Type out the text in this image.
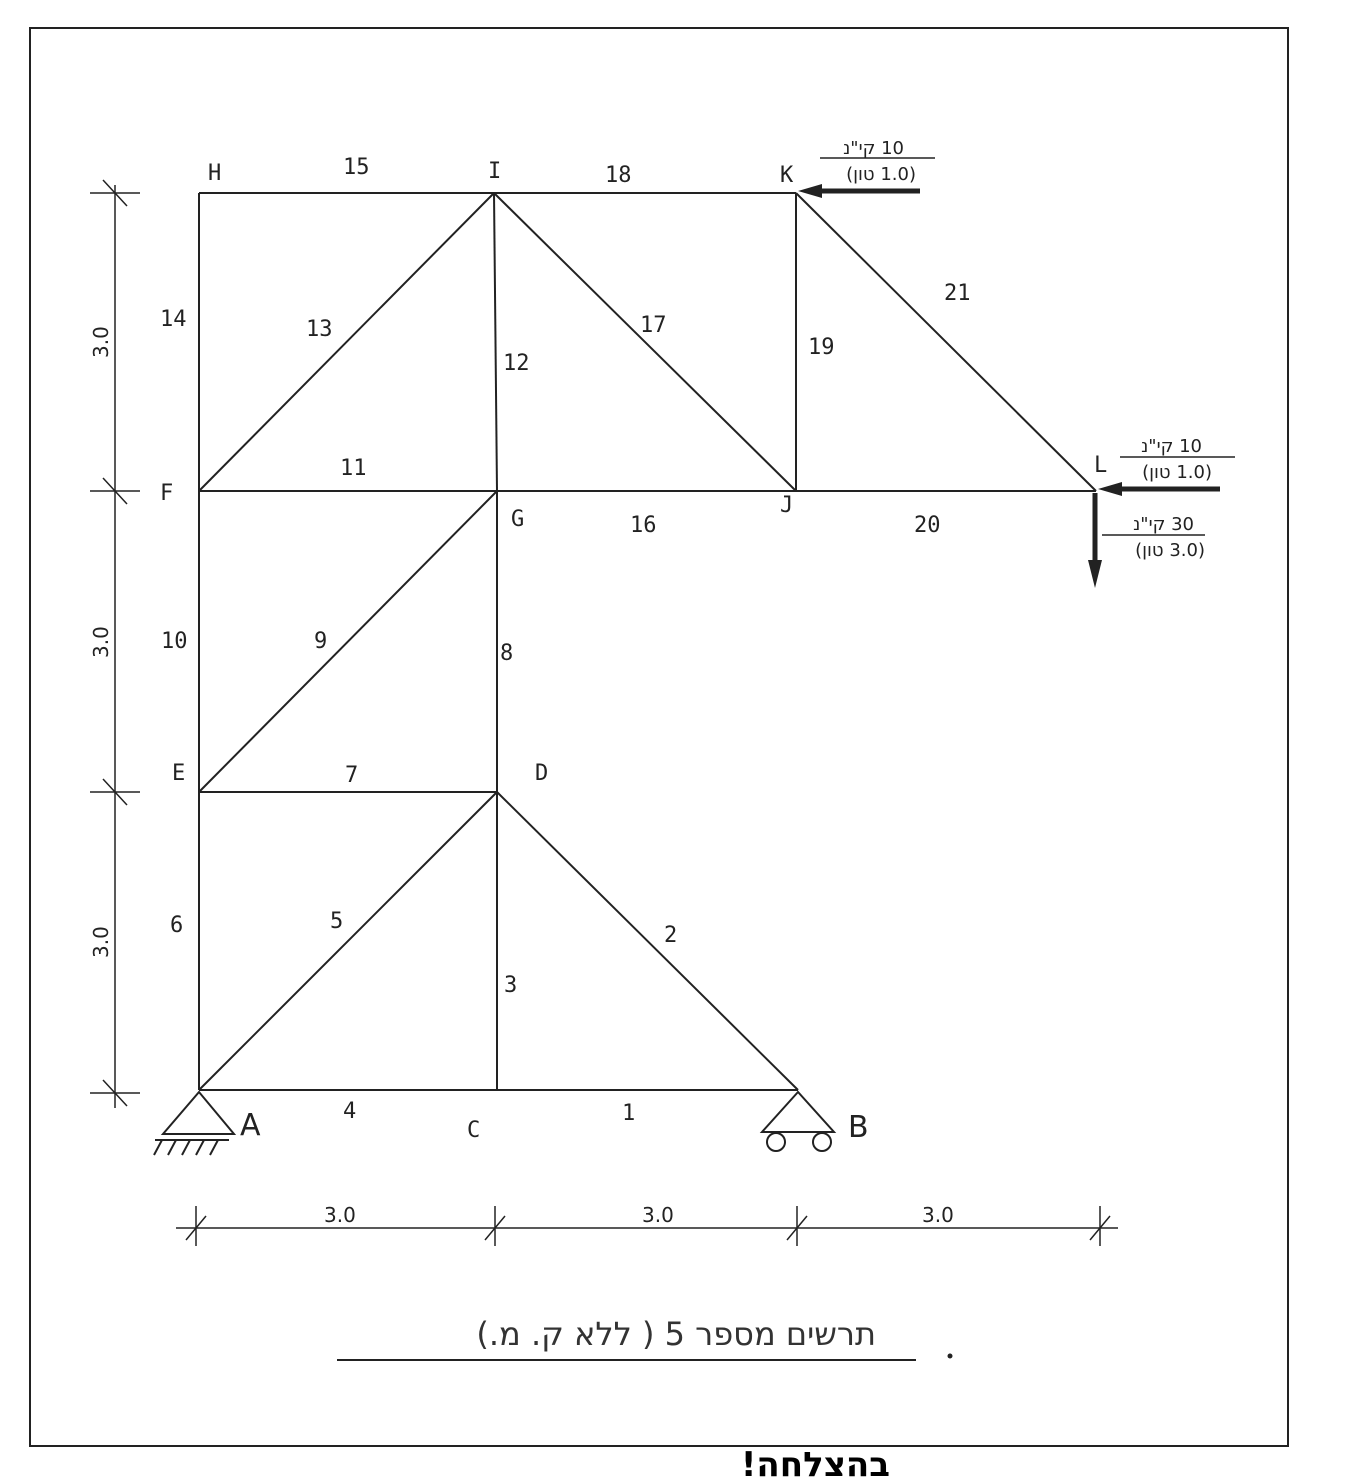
H	I	K
F
G
J
L
E	D
C
A	B
1
2
3
4
5
6
7
8
9
10
11
12
13
14
15
16
17
18
19
20
21
3.0
3.0
3.0
3.0	3.0	3.0
10 קי"נ
(1.0 טון)
10 קי"נ
(1.0 טון)
30 קי"נ
(3.0 טון)
תרשים מספר 5 ( ללא ק. מ.)
בהצלחה!
